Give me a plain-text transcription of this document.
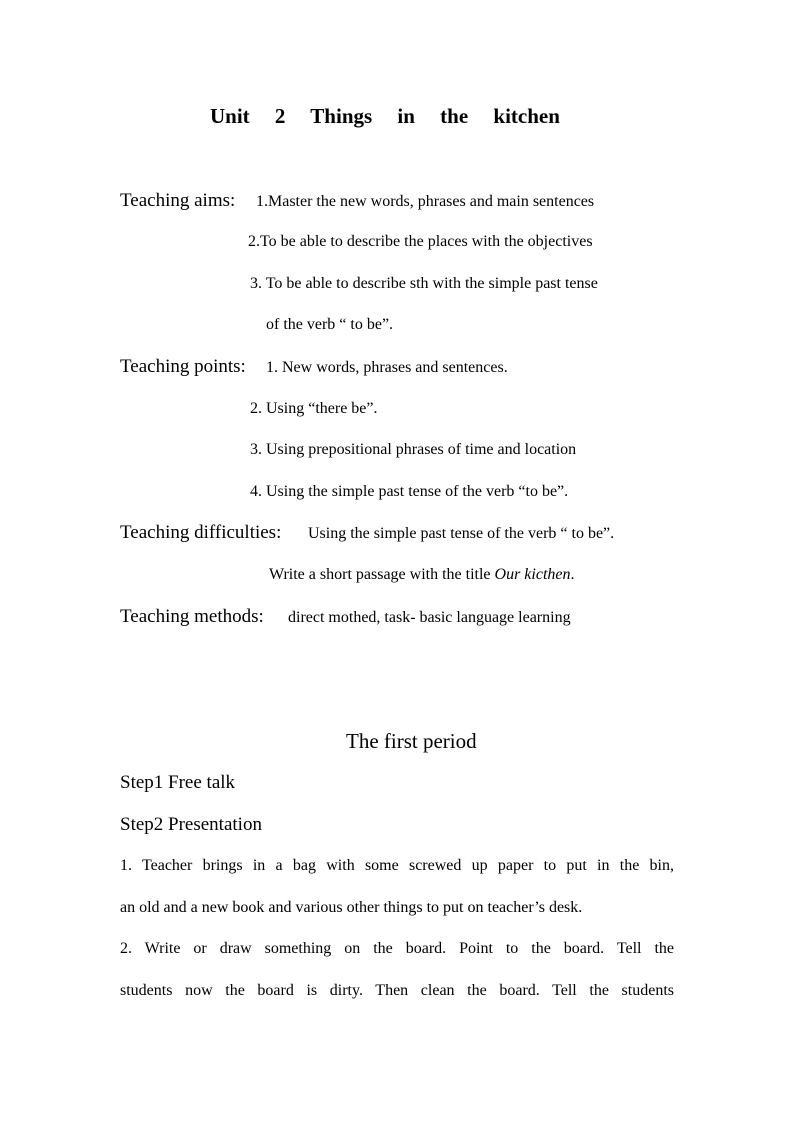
Unit 2 Things in the kitchen
Teaching aims: 1.Master the new words, phrases and main sentences
2.To be able to describe the places with the objectives
3. To be able to describe sth with the simple past tense
of the verb “ to be”.
Teaching points: 1. New words, phrases and sentences.
2. Using “there be”.
3. Using prepositional phrases of time and location
4. Using the simple past tense of the verb “to be”.
Teaching difficulties: Using the simple past tense of the verb “ to be”.
Write a short passage with the title Our kicthen.
Teaching methods: direct mothed, task- basic language learning
The first period
Step1 Free talk
Step2 Presentation
1. Teacher brings in a bag with some screwed up paper to put in the bin,
an old and a new book and various other things to put on teacher’s desk.
2. Write or draw something on the board. Point to the board. Tell the
students now the board is dirty. Then clean the board. Tell the students
